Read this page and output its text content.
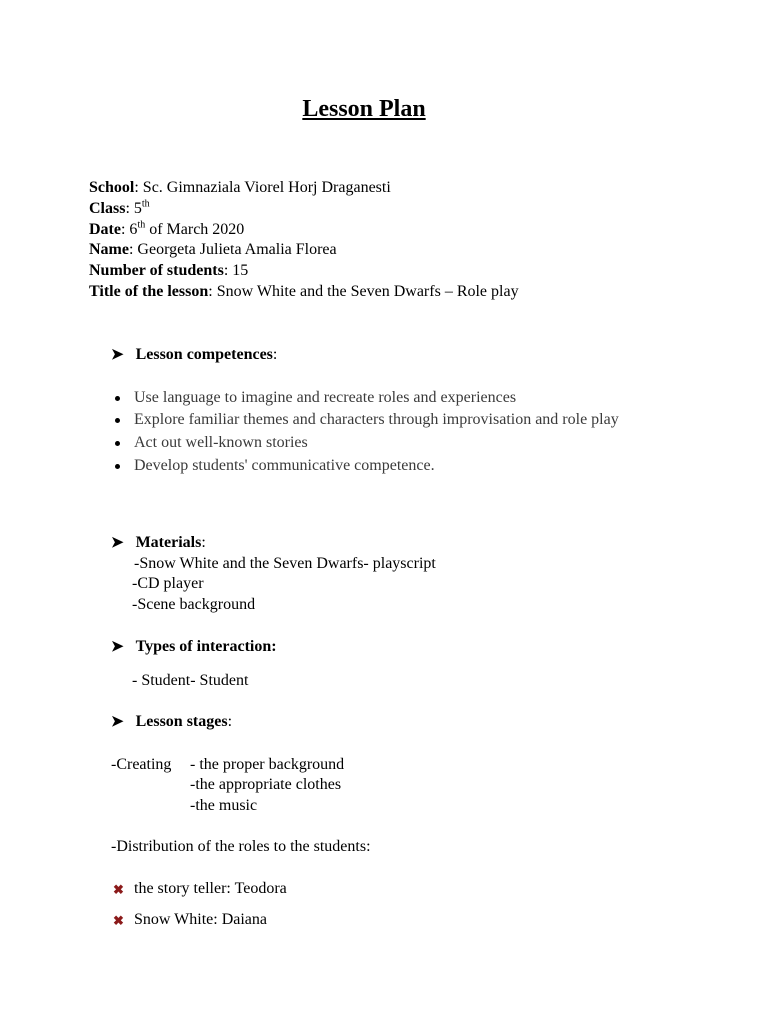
Lesson Plan
School: Sc. Gimnaziala Viorel Horj Draganesti
Class: 5th
Date: 6th of March 2020
Name: Georgeta Julieta Amalia Florea
Number of students: 15
Title of the lesson: Snow White and the Seven Dwarfs – Role play
➤ Lesson competences:
Use language to imagine and recreate roles and experiences
Explore familiar themes and characters through improvisation and role play
Act out well-known stories
Develop students' communicative competence.
➤ Materials:
-Snow White and the Seven Dwarfs- playscript
-CD player
-Scene background
➤ Types of interaction:
- Student- Student
➤ Lesson stages:
-Creating - the proper background
-the appropriate clothes
-the music
-Distribution of the roles to the students:
✖ the story teller: Teodora
✖ Snow White: Daiana
